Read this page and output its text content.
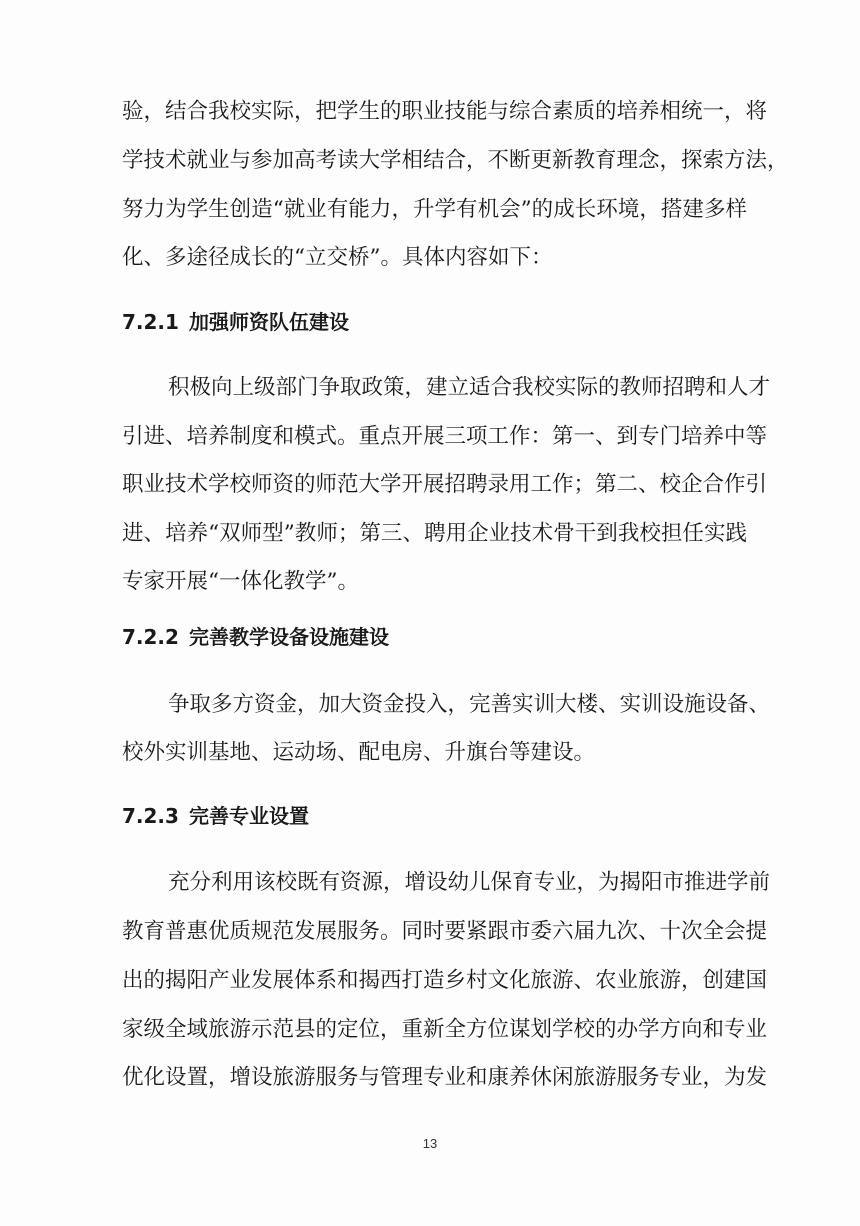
验，结合我校实际，把学生的职业技能与综合素质的培养相统一，将
学技术就业与参加高考读大学相结合，不断更新教育理念，探索方法，
努力为学生创造“就业有能力，升学有机会”的成长环境，搭建多样
化、多途径成长的“立交桥”。具体内容如下：
7.2.1 加强师资队伍建设
积极向上级部门争取政策，建立适合我校实际的教师招聘和人才
引进、培养制度和模式。重点开展三项工作：第一、到专门培养中等
职业技术学校师资的师范大学开展招聘录用工作；第二、校企合作引
进、培养“双师型”教师；第三、聘用企业技术骨干到我校担任实践
专家开展“一体化教学”。
7.2.2 完善教学设备设施建设
争取多方资金，加大资金投入，完善实训大楼、实训设施设备、
校外实训基地、运动场、配电房、升旗台等建设。
7.2.3 完善专业设置
充分利用该校既有资源，增设幼儿保育专业，为揭阳市推进学前
教育普惠优质规范发展服务。同时要紧跟市委六届九次、十次全会提
出的揭阳产业发展体系和揭西打造乡村文化旅游、农业旅游，创建国
家级全域旅游示范县的定位，重新全方位谋划学校的办学方向和专业
优化设置，增设旅游服务与管理专业和康养休闲旅游服务专业，为发
13
